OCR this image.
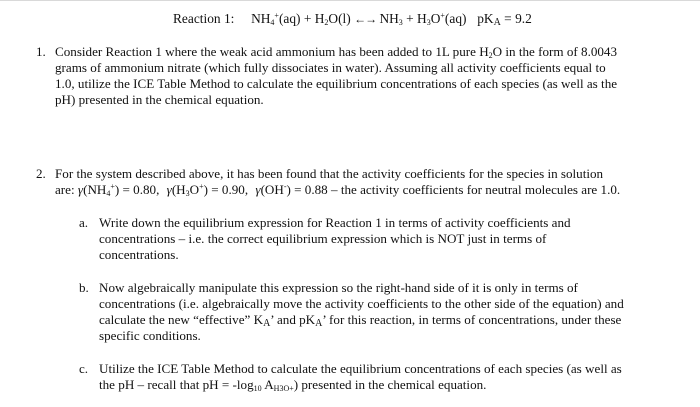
Reaction 1: $NH_4^+(aq) + H_2O(l)$ ←→ $NH_3 + H_3O^+(aq) pK_A = 9.2$
1. Consider Reaction 1 where the weak acid ammonium has been added to 1L pure $H_2O$ in the form of 8.0043
grams of ammonium nitrate (which fully dissociates in water). Assuming all activity coefficients equal to
1.0, utilize the ICE Table Method to calculate the equilibrium concentrations of each species (as well as the
pH) presented in the chemical equation.
2. For the system described above, it has been found that the activity coefficients for the species in solution
are: $\gamma(NH_4^+) = 0.80$, $\gamma(H_3O^+) = 0.90$, γ(OH-) = 0.88 – the activity coefficients for neutral molecules are 1.0.
a. Write down the equilibrium expression for Reaction 1 in terms of activity coefficients and
concentrations – i.e. the correct equilibrium expression which is NOT just in terms of
concentrations.
b. Now algebraically manipulate this expression so the right-hand side of it is only in terms of
concentrations (i.e. algebraically move the activity coefficients to the other side of the equation) and
calculate the new “effective” $K_A$’ and $pK_A$’ for this reaction, in terms of concentrations, under these
specific conditions.
c. Utilize the ICE Table Method to calculate the equilibrium concentrations of each species (as well as
the pH – recall that pH = $-\log_{10}$ $A_{H3O+}$) presented in the chemical equation.
